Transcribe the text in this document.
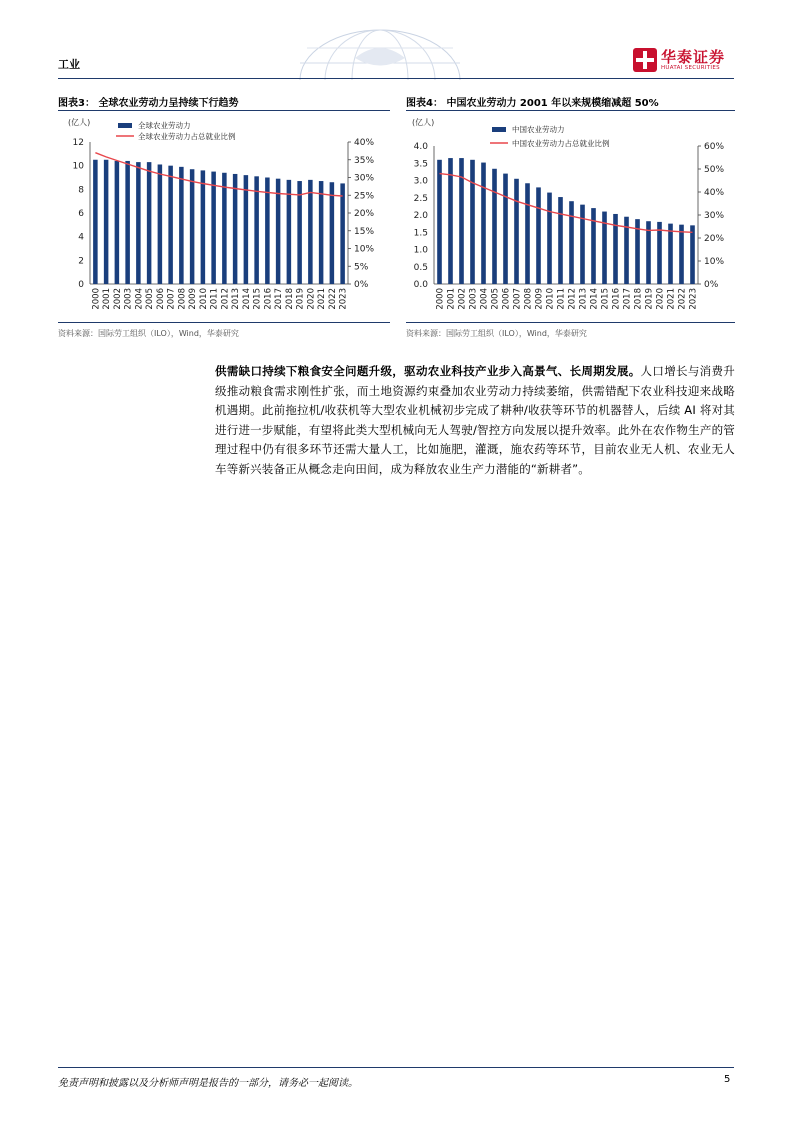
工业	华泰证券
HUATAI SECURITIES
图表3： 全球农业劳动力呈持续下行趋势
(亿人)
0
2
4
6
8
10
12
0%
5%
10%
15%
20%
25%
30%
35%
40%
2000 2001 2002 2003 2004 2005 2006 2007 2008 2009 2010 2011 2012 2013 2014 2015 2016 2017 2018 2019 2020 2021 2022 2023
全球农业劳动力
全球农业劳动力占总就业比例
资料来源：国际劳工组织（ILO），Wind，华泰研究
图表4： 中国农业劳动力 2001 年以来规模缩减超 50%
(亿人)
0.0
0.5
1.0
1.5
2.0
2.5
3.0
3.5
4.0
0%
10%
20%
30%
40%
50%
60%
2000 2001 2002 2003 2004 2005 2006 2007 2008 2009 2010 2011 2012 2013 2014 2015 2016 2017 2018 2019 2020 2021 2022 2023
中国农业劳动力
中国农业劳动力占总就业比例
资料来源：国际劳工组织（ILO），Wind，华泰研究
供需缺口持续下粮食安全问题升级，驱动农业科技产业步入高景气、长周期发展。人口增长与消费升级推动粮食需求刚性扩张，而土地资源约束叠加农业劳动力持续萎缩，供需错配下农业科技迎来战略机遇期。此前拖拉机/收获机等大型农业机械初步完成了耕种/收获等环节的机器替人，后续 AI 将对其进行进一步赋能，有望将此类大型机械向无人驾驶/智控方向发展以提升效率。此外在农作物生产的管理过程中仍有很多环节还需大量人工，比如施肥，灌溉，施农药等环节，目前农业无人机、农业无人车等新兴装备正从概念走向田间，成为释放农业生产力潜能的“新耕者”。
免责声明和披露以及分析师声明是报告的一部分，请务必一起阅读。	5
